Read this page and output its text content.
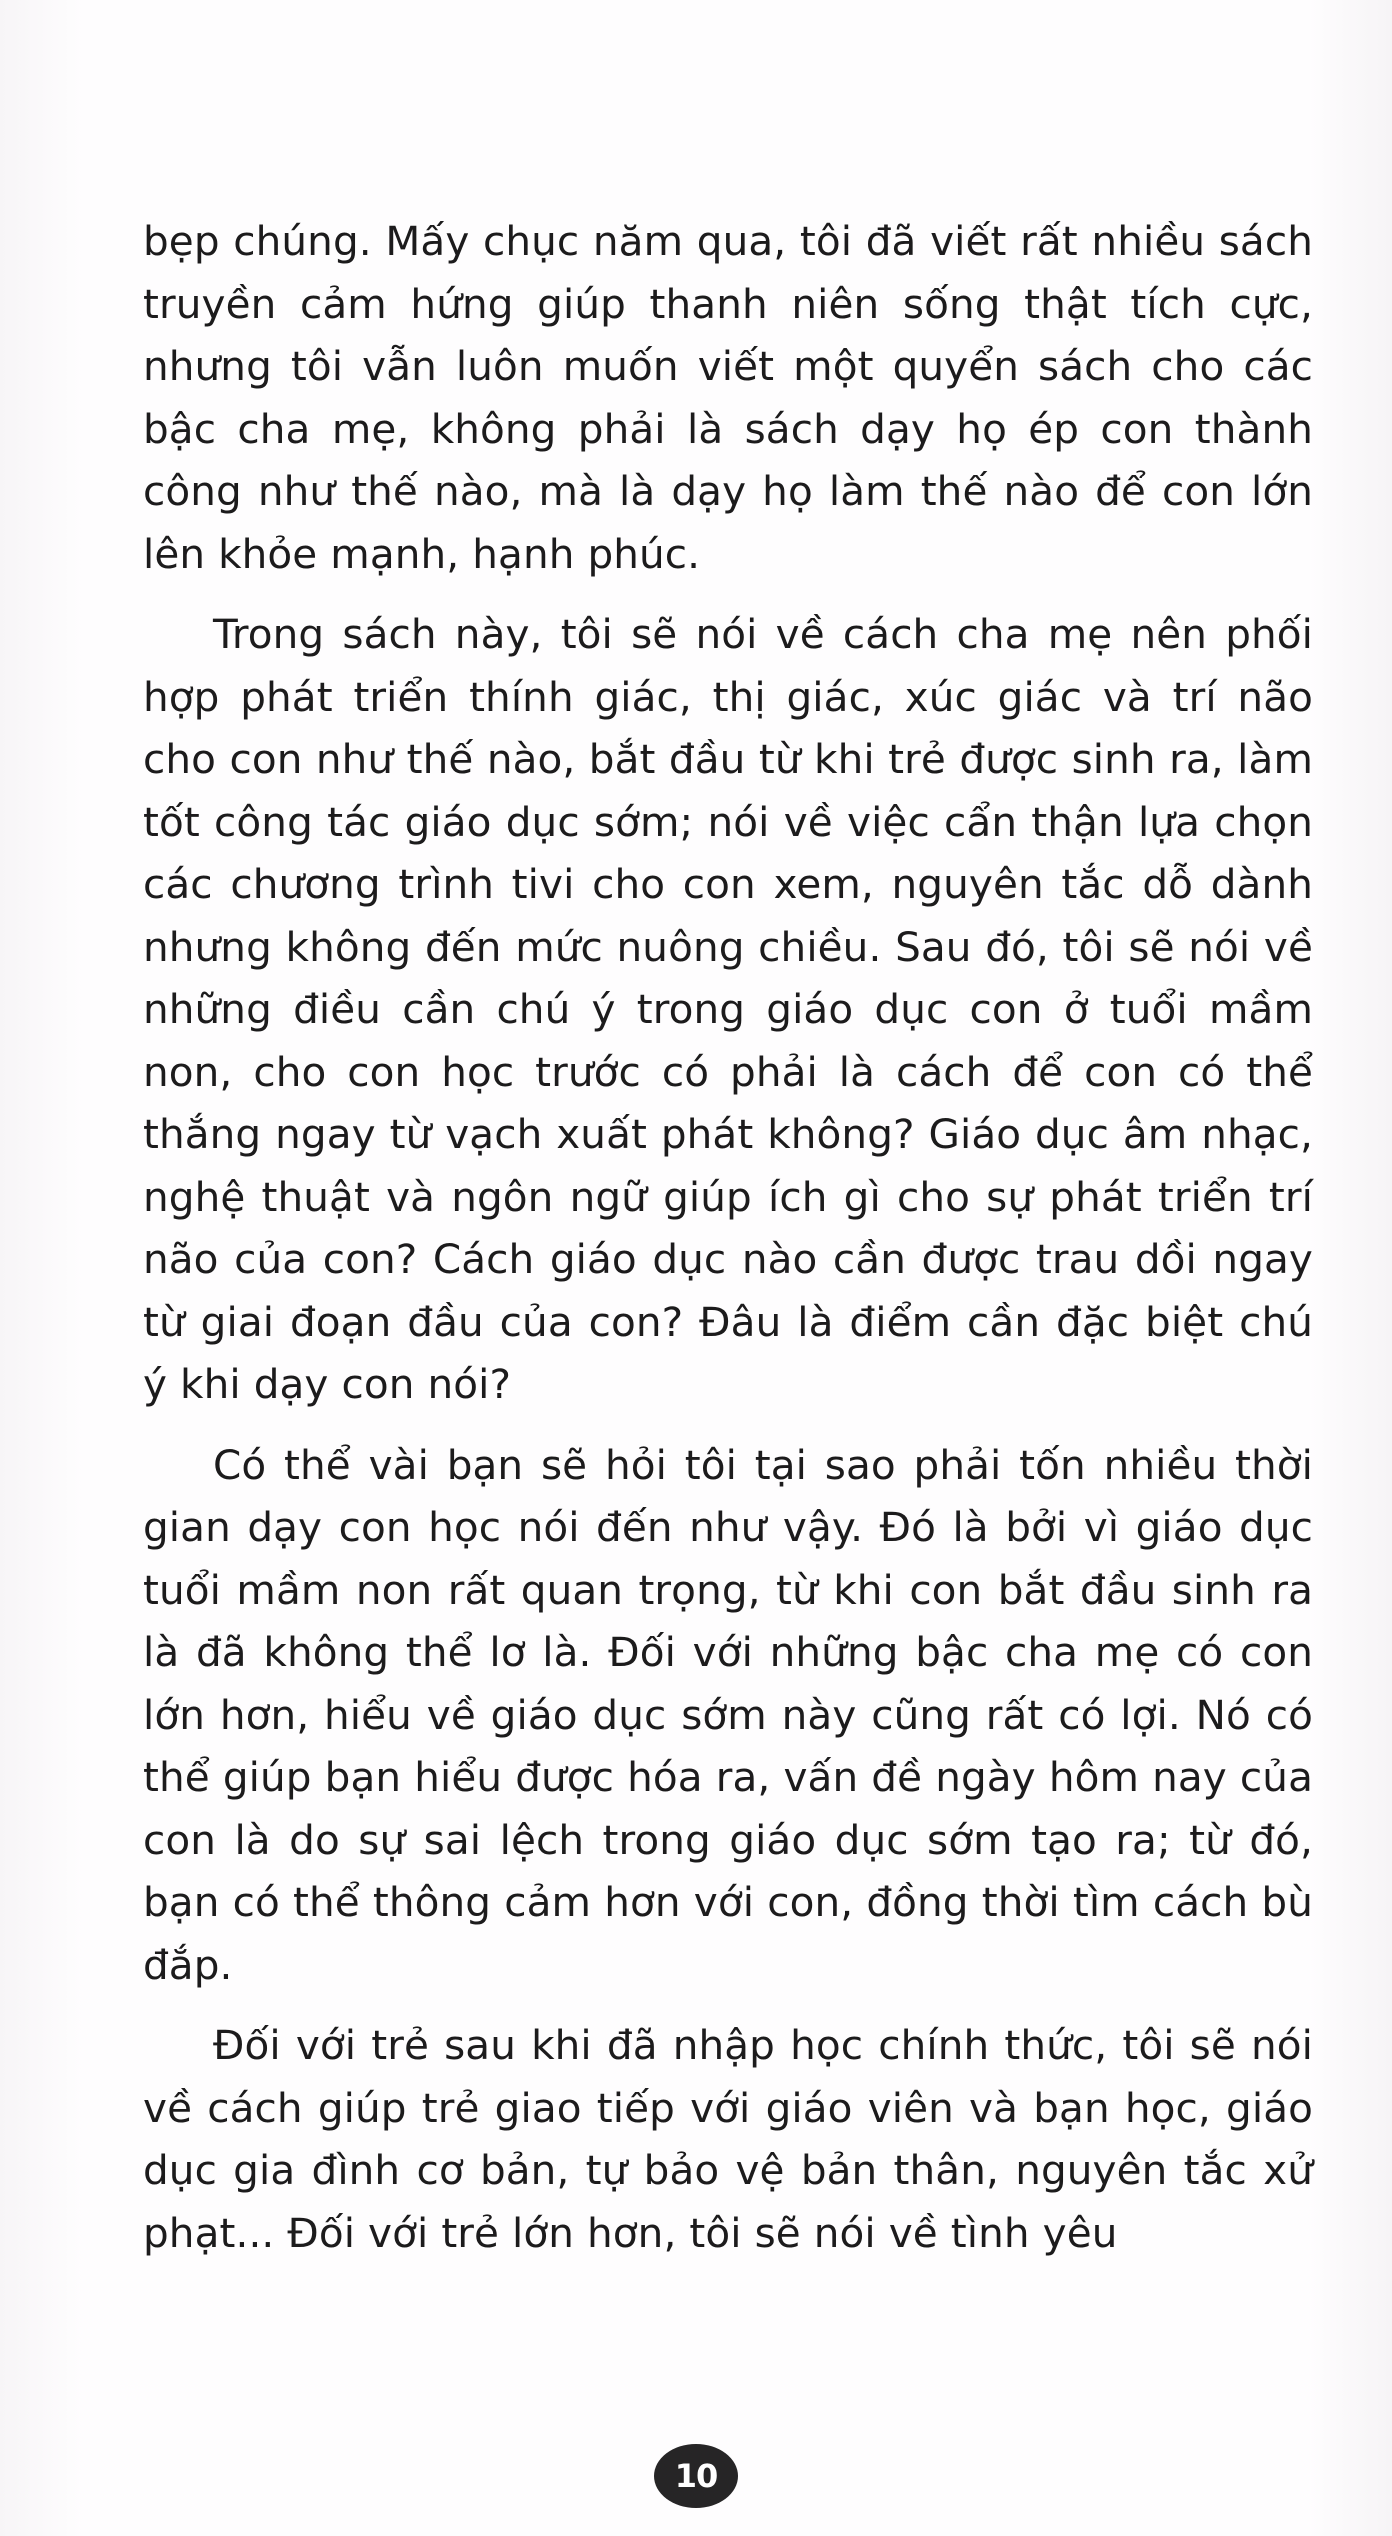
bẹp chúng. Mấy chục năm qua, tôi đã viết rất nhiều sách truyền cảm hứng giúp thanh niên sống thật tích cực, nhưng tôi vẫn luôn muốn viết một quyển sách cho các bậc cha mẹ, không phải là sách dạy họ ép con thành công như thế nào, mà là dạy họ làm thế nào để con lớn lên khỏe mạnh, hạnh phúc.

Trong sách này, tôi sẽ nói về cách cha mẹ nên phối hợp phát triển thính giác, thị giác, xúc giác và trí não cho con như thế nào, bắt đầu từ khi trẻ được sinh ra, làm tốt công tác giáo dục sớm; nói về việc cẩn thận lựa chọn các chương trình tivi cho con xem, nguyên tắc dỗ dành nhưng không đến mức nuông chiều. Sau đó, tôi sẽ nói về những điều cần chú ý trong giáo dục con ở tuổi mầm non, cho con học trước có phải là cách để con có thể thắng ngay từ vạch xuất phát không? Giáo dục âm nhạc, nghệ thuật và ngôn ngữ giúp ích gì cho sự phát triển trí não của con? Cách giáo dục nào cần được trau dồi ngay từ giai đoạn đầu của con? Đâu là điểm cần đặc biệt chú ý khi dạy con nói?

Có thể vài bạn sẽ hỏi tôi tại sao phải tốn nhiều thời gian dạy con học nói đến như vậy. Đó là bởi vì giáo dục tuổi mầm non rất quan trọng, từ khi con bắt đầu sinh ra là đã không thể lơ là. Đối với những bậc cha mẹ có con lớn hơn, hiểu về giáo dục sớm này cũng rất có lợi. Nó có thể giúp bạn hiểu được hóa ra, vấn đề ngày hôm nay của con là do sự sai lệch trong giáo dục sớm tạo ra; từ đó, bạn có thể thông cảm hơn với con, đồng thời tìm cách bù đắp.

Đối với trẻ sau khi đã nhập học chính thức, tôi sẽ nói về cách giúp trẻ giao tiếp với giáo viên và bạn học, giáo dục gia đình cơ bản, tự bảo vệ bản thân, nguyên tắc xử phạt... Đối với trẻ lớn hơn, tôi sẽ nói về tình yêu

10
